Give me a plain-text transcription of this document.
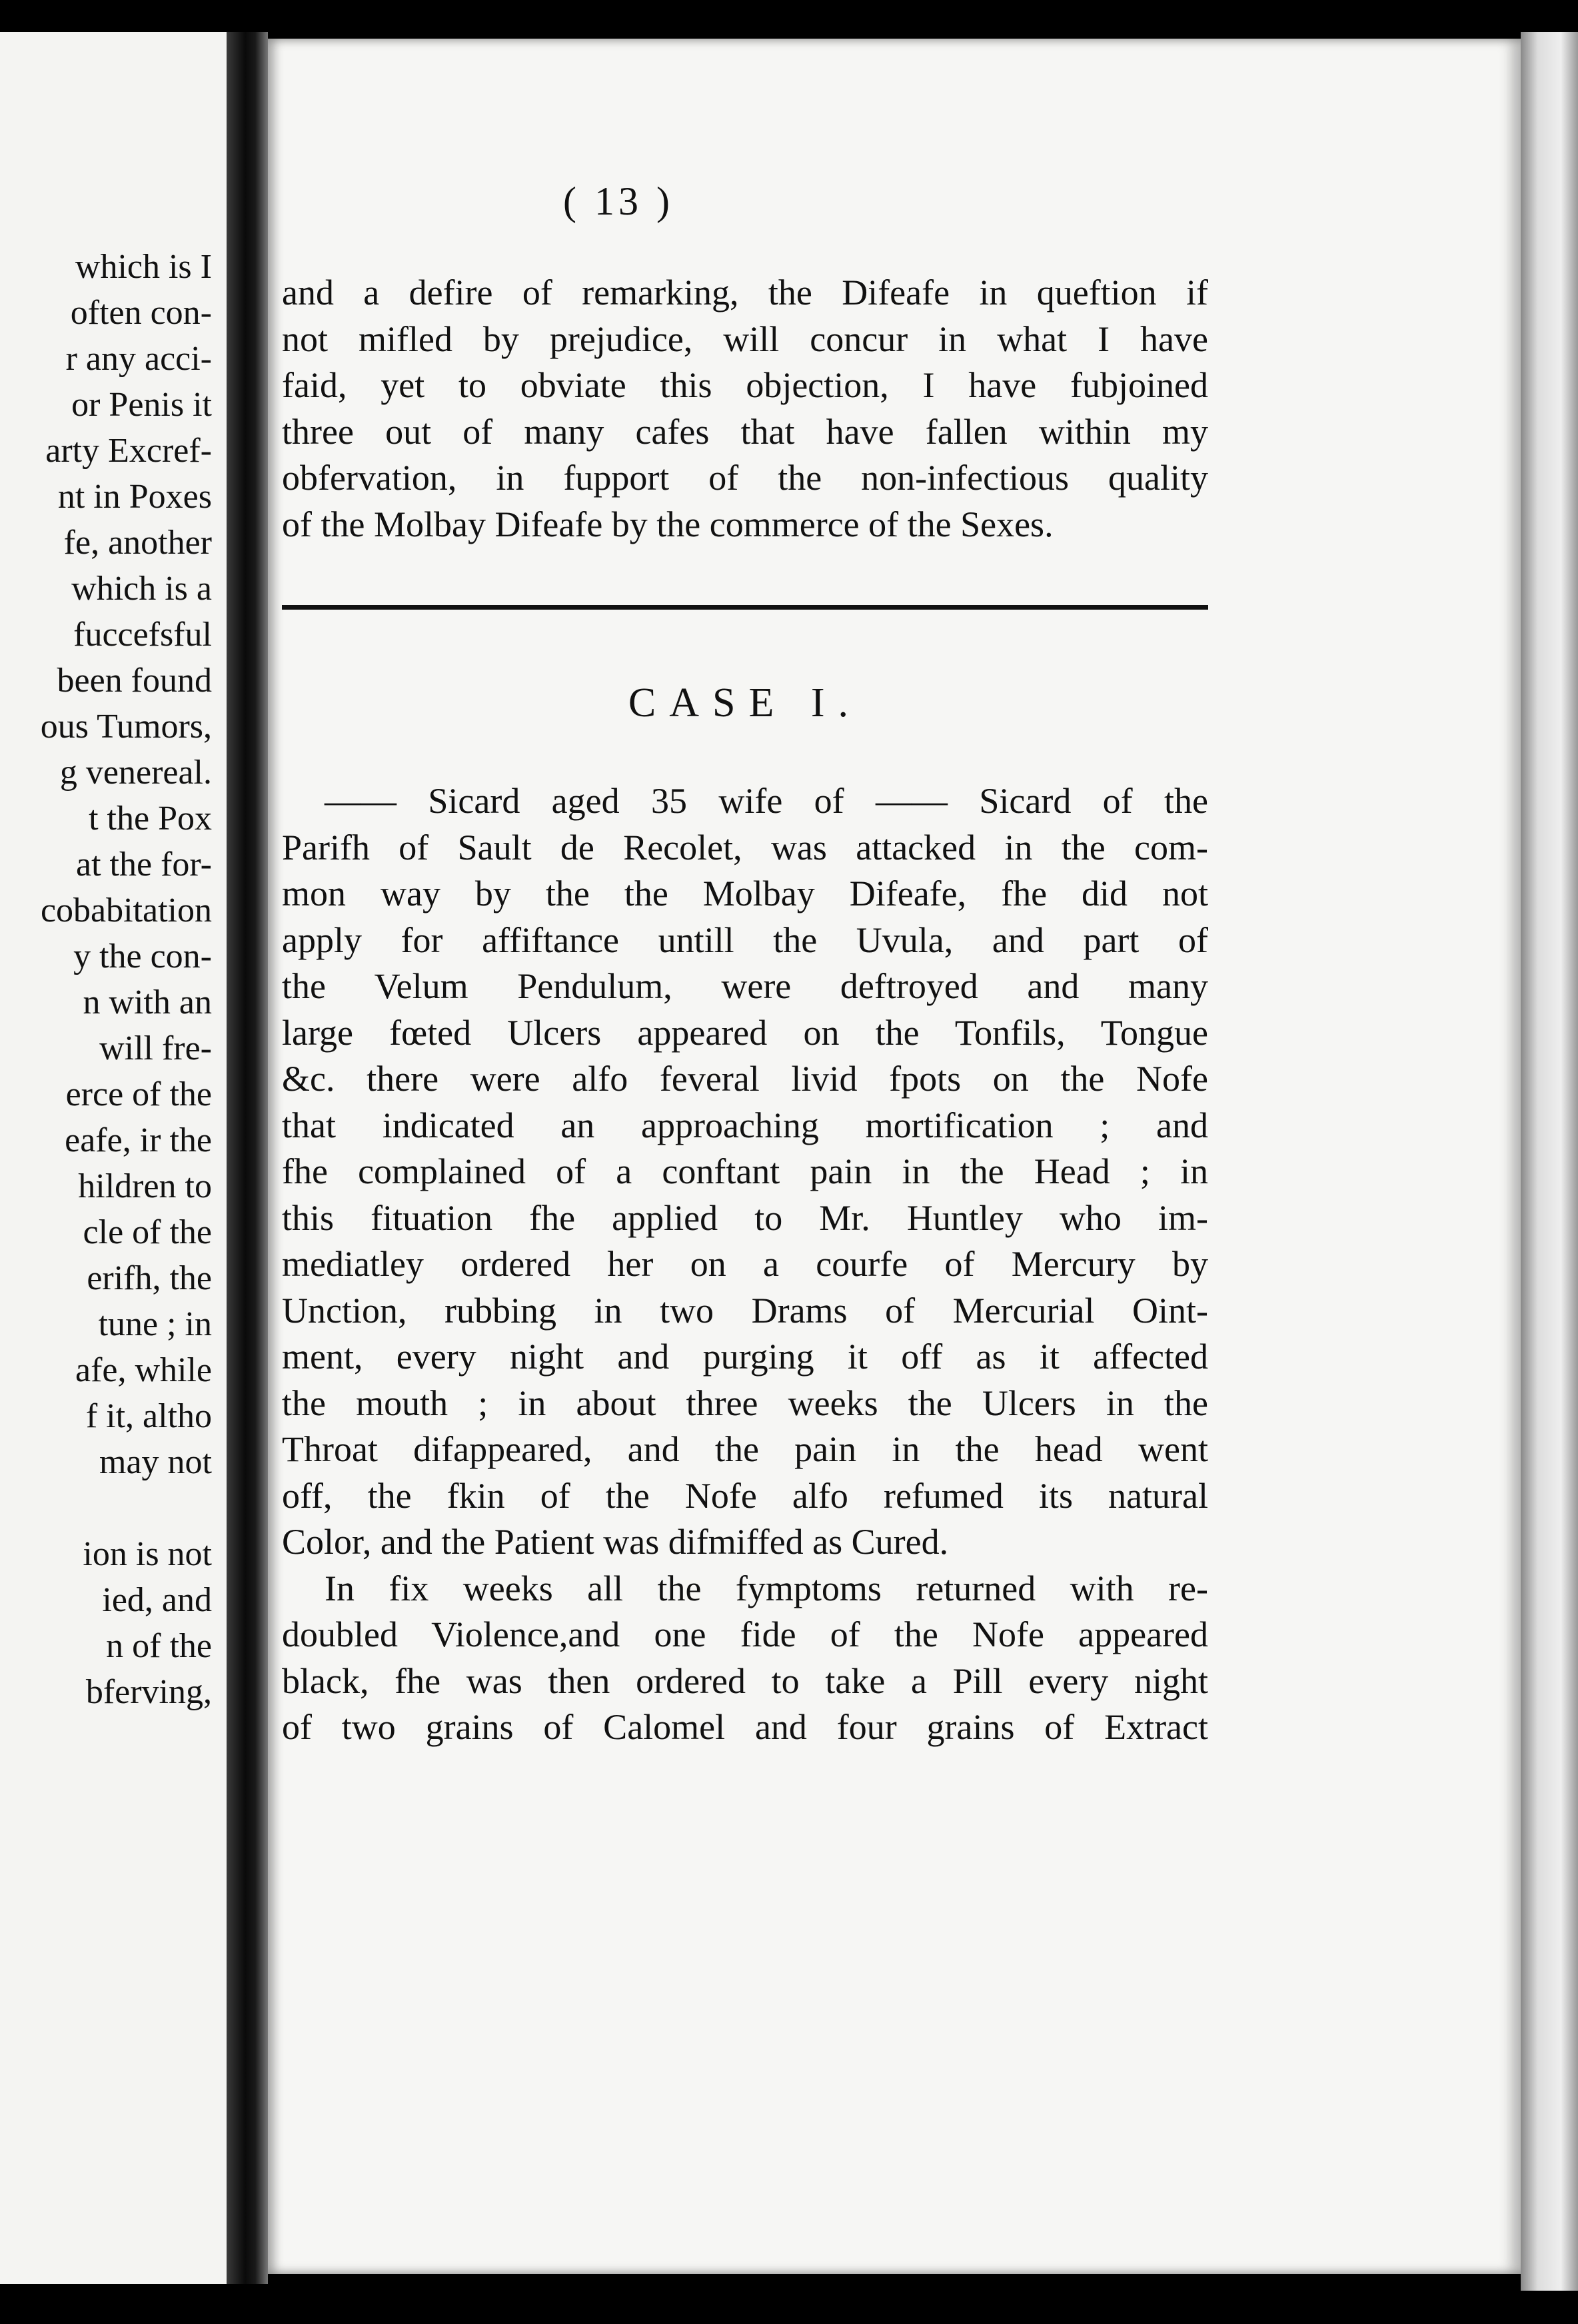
which is I
often con-
r any acci-
or Penis it
arty Excref-
nt in Poxes
fe, another
which is a
fuccefsful
been found
ous Tumors,
g venereal.
t the Pox
at the for-
cobabitation
y the con-
n with an
will fre-
erce of the
eafe, ir the
hildren to
cle of the
erifh, the
tune ; in
afe, while
f it, altho
may not
ion is not
ied, and
n of the
bferving,
( 13 )
and a defire of remarking, the Difeafe in queftion if
not mifled by prejudice, will concur in what I have
faid, yet to obviate this objection, I have fubjoined
three out of many cafes that have fallen within my
obfervation, in fupport of the non-infectious quality
of the Molbay Difeafe by the commerce of the Sexes.
CASE I.
—— Sicard aged 35 wife of —— Sicard of the
Parifh of Sault de Recolet, was attacked in the com-
mon way by the the Molbay Difeafe, fhe did not
apply for affiftance untill the Uvula, and part of
the Velum Pendulum, were deftroyed and many
large fœted Ulcers appeared on the Tonfils, Tongue
&c. there were alfo feveral livid fpots on the Nofe
that indicated an approaching mortification ; and
fhe complained of a conftant pain in the Head ; in
this fituation fhe applied to Mr. Huntley who im-
mediatley ordered her on a courfe of Mercury by
Unction, rubbing in two Drams of Mercurial Oint-
ment, every night and purging it off as it affected
the mouth ; in about three weeks the Ulcers in the
Throat difappeared, and the pain in the head went
off, the fkin of the Nofe alfo refumed its natural
Color, and the Patient was difmiffed as Cured.
In fix weeks all the fymptoms returned with re-
doubled Violence,and one fide of the Nofe appeared
black, fhe was then ordered to take a Pill every night
of two grains of Calomel and four grains of Extract
